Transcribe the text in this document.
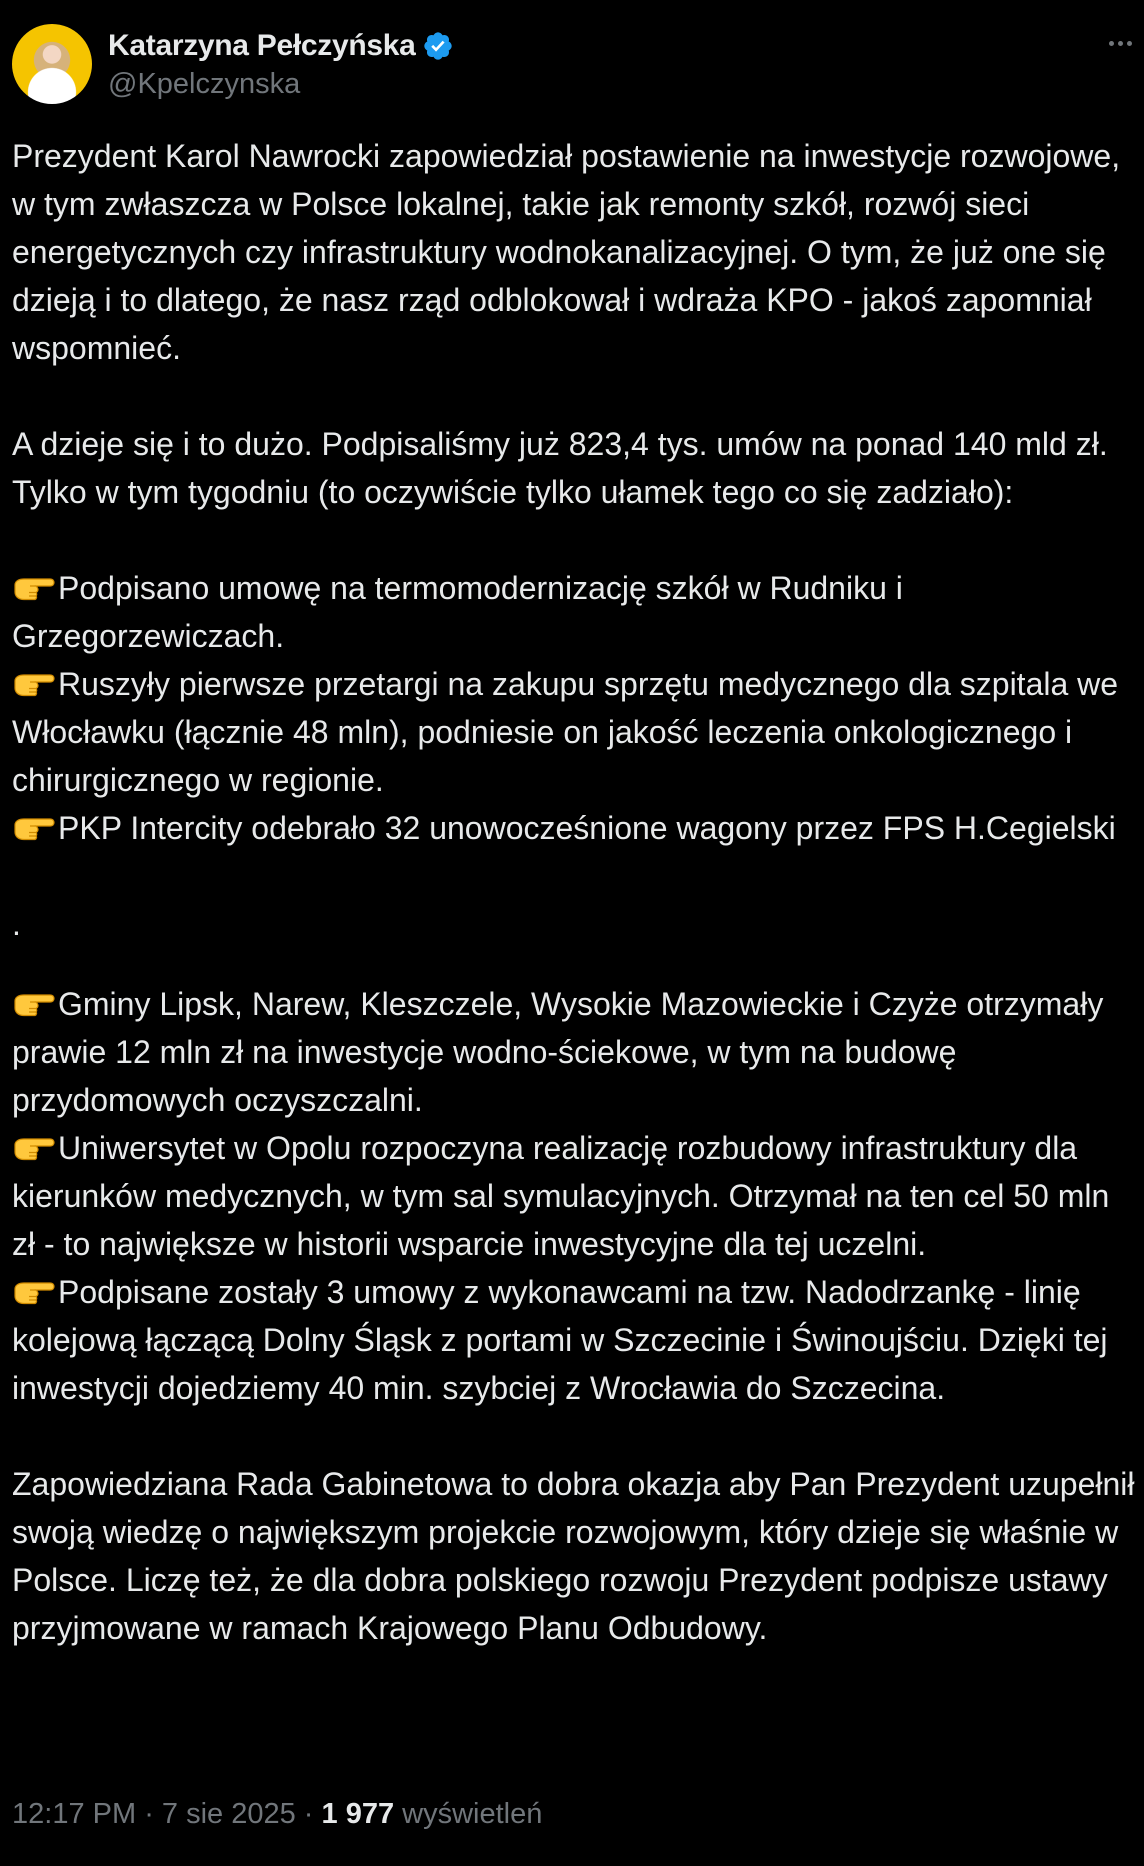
Katarzyna Pełczyńska
@Kpelczynska

Prezydent Karol Nawrocki zapowiedział postawienie na inwestycje rozwojowe, w tym zwłaszcza w Polsce lokalnej, takie jak remonty szkół, rozwój sieci energetycznych czy infrastruktury wodnokanalizacyjnej. O tym, że już one się dzieją i to dlatego, że nasz rząd odblokował i wdraża KPO - jakoś zapomniał wspomnieć.

A dzieje się i to dużo. Podpisaliśmy już 823,4 tys. umów na ponad 140 mld zł. Tylko w tym tygodniu (to oczywiście tylko ułamek tego co się zadziało):

Podpisano umowę na termomodernizację szkół w Rudniku i Grzegorzewiczach.

Ruszyły pierwsze przetargi na zakupu sprzętu medycznego dla szpitala we Włocławku (łącznie 48 mln), podniesie on jakość leczenia onkologicznego i chirurgicznego w regionie.

PKP Intercity odebrało 32 unowocześnione wagony przez FPS H.Cegielski

.

Gminy Lipsk, Narew, Kleszczele, Wysokie Mazowieckie i Czyże otrzymały prawie 12 mln zł na inwestycje wodno-ściekowe, w tym na budowę przydomowych oczyszczalni.

Uniwersytet w Opolu rozpoczyna realizację rozbudowy infrastruktury dla kierunków medycznych, w tym sal symulacyjnych. Otrzymał na ten cel 50 mln zł - to największe w historii wsparcie inwestycyjne dla tej uczelni.

Podpisane zostały 3 umowy z wykonawcami na tzw. Nadodrzankę - linię kolejową łączącą Dolny Śląsk z portami w Szczecinie i Świnoujściu. Dzięki tej inwestycji dojedziemy 40 min. szybciej z Wrocławia do Szczecina.

Zapowiedziana Rada Gabinetowa to dobra okazja aby Pan Prezydent uzupełnił swoją wiedzę o największym projekcie rozwojowym, który dzieje się właśnie w Polsce. Liczę też, że dla dobra polskiego rozwoju Prezydent podpisze ustawy przyjmowane w ramach Krajowego Planu Odbudowy.

12:17 PM · 7 sie 2025 · 1 977 wyświetleń
